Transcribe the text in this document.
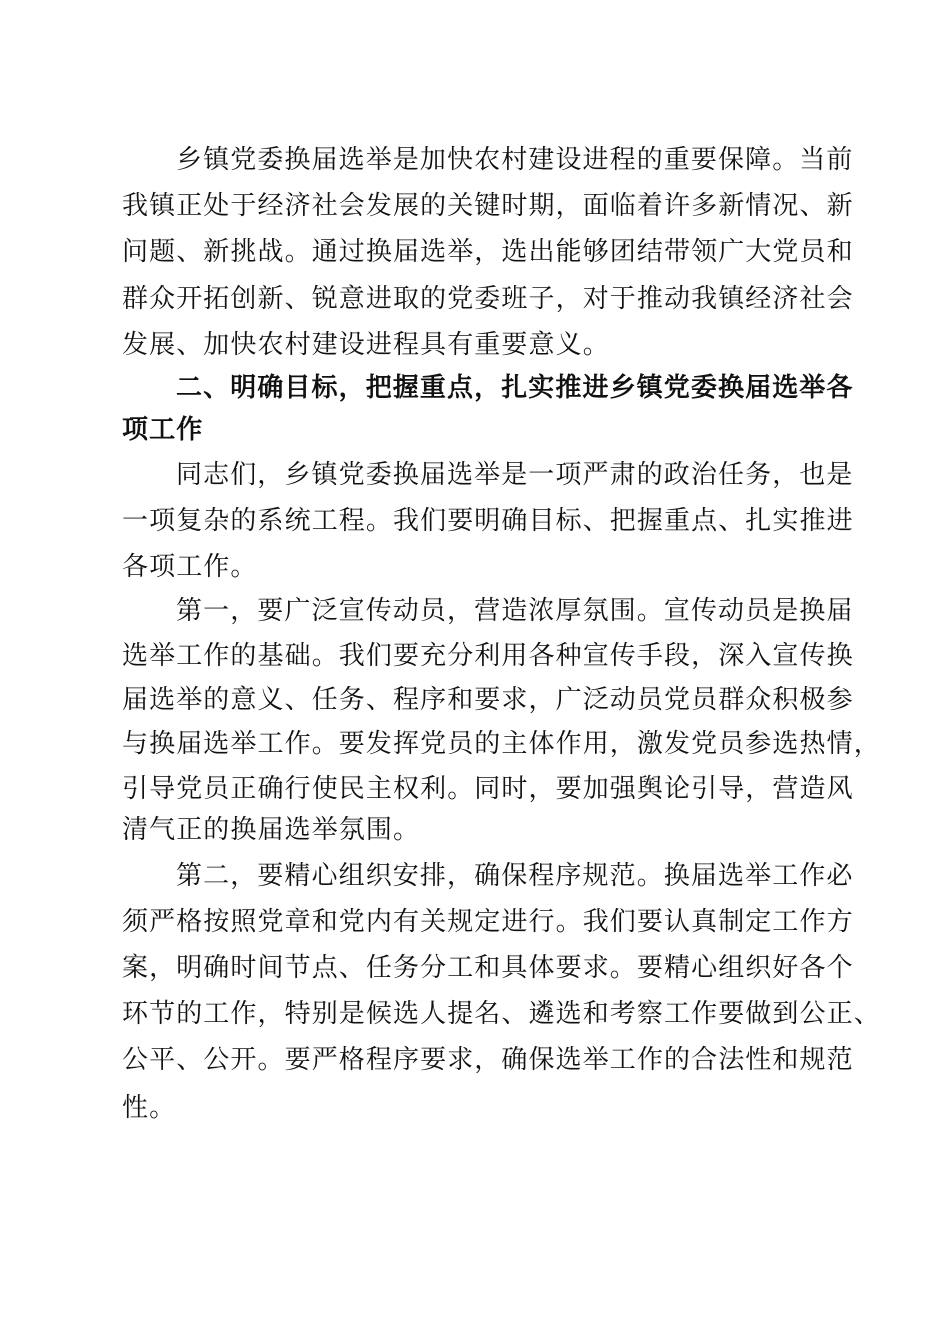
乡镇党委换届选举是加快农村建设进程的重要保障。当前
我镇正处于经济社会发展的关键时期，面临着许多新情况、新
问题、新挑战。通过换届选举，选出能够团结带领广大党员和
群众开拓创新、锐意进取的党委班子，对于推动我镇经济社会
发展、加快农村建设进程具有重要意义。
二、明确目标，把握重点，扎实推进乡镇党委换届选举各
项工作
同志们，乡镇党委换届选举是一项严肃的政治任务，也是
一项复杂的系统工程。我们要明确目标、把握重点、扎实推进
各项工作。
第一，要广泛宣传动员，营造浓厚氛围。宣传动员是换届
选举工作的基础。我们要充分利用各种宣传手段，深入宣传换
届选举的意义、任务、程序和要求，广泛动员党员群众积极参
与换届选举工作。要发挥党员的主体作用，激发党员参选热情，
引导党员正确行使民主权利。同时，要加强舆论引导，营造风
清气正的换届选举氛围。
第二，要精心组织安排，确保程序规范。换届选举工作必
须严格按照党章和党内有关规定进行。我们要认真制定工作方
案，明确时间节点、任务分工和具体要求。要精心组织好各个
环节的工作，特别是候选人提名、遴选和考察工作要做到公正、
公平、公开。要严格程序要求，确保选举工作的合法性和规范
性。
